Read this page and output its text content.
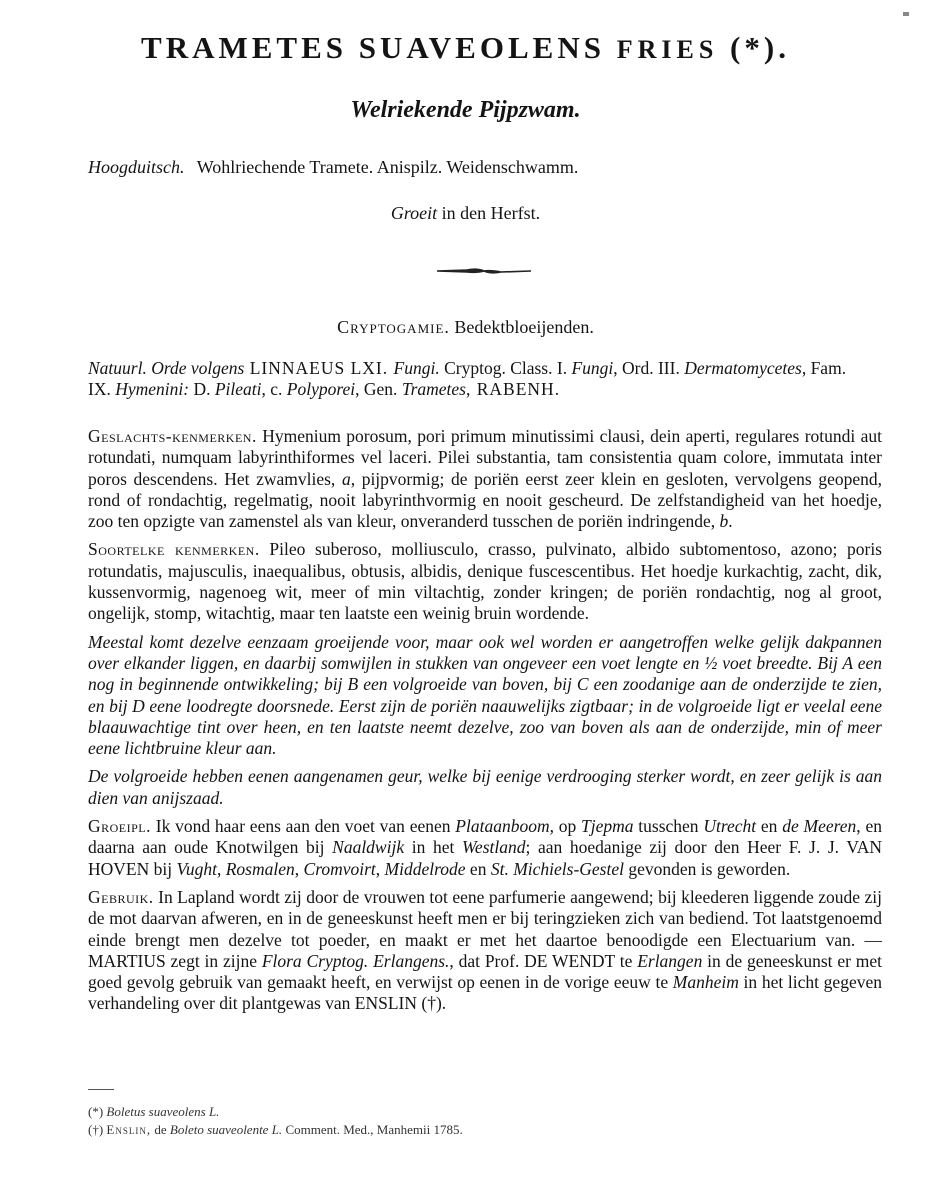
TRAMETES SUAVEOLENS FRIES (*).
Welriekende Pijpzwam.
Hoogduitsch. Wohlriechende Tramete. Anispilz. Weidenschwamm.
Groeit in den Herfst.
Cryptogamie. Bedektbloeijenden.
Natuurl. Orde volgens LINNAEUS LXI. Fungi. Cryptog. Class. I. Fungi, Ord. III. Dermatomycetes, Fam. IX. Hymenini: D. Pileati, c. Polyporei, Gen. Trametes, RABENH.

Geslachts-kenmerken. Hymenium porosum, pori primum minutissimi clausi, dein aperti, regulares rotundi aut rotundati, numquam labyrinthiformes vel laceri. Pilei substantia, tam consistentia quam colore, immutata inter poros descendens. Het zwamvlies, a, pijpvormig; de poriën eerst zeer klein en gesloten, vervolgens geopend, rond of rondachtig, regelmatig, nooit labyrinthvormig en nooit gescheurd. De zelfstandigheid van het hoedje, zoo ten opzigte van zamenstel als van kleur, onveranderd tusschen de poriën indringende, b.

Soortelke kenmerken. Pileo suberoso, molliusculo, crasso, pulvinato, albido subtomentoso, azono; poris rotundatis, majusculis, inaequalibus, obtusis, albidis, denique fuscescentibus. Het hoedje kurkachtig, zacht, dik, kussenvormig, nagenoeg wit, meer of min viltachtig, zonder kringen; de poriën rondachtig, nog al groot, ongelijk, stomp, witachtig, maar ten laatste een weinig bruin wordende.

Meestal komt dezelve eenzaam groeijende voor, maar ook wel worden er aangetroffen welke gelijk dakpannen over elkander liggen, en daarbij somwijlen in stukken van ongeveer een voet lengte en ½ voet breedte. Bij A een nog in beginnende ontwikkeling; bij B een volgroeide van boven, bij C een zoodanige aan de onderzijde te zien, en bij D eene loodregte doorsnede. Eerst zijn de poriën naauwelijks zigtbaar; in de volgroeide ligt er veelal eene blaauwachtige tint over heen, en ten laatste neemt dezelve, zoo van boven als aan de onderzijde, min of meer eene lichtbruine kleur aan.

De volgroeide hebben eenen aangenamen geur, welke bij eenige verdrooging sterker wordt, en zeer gelijk is aan dien van anijszaad.

Groeipl. Ik vond haar eens aan den voet van eenen Plataanboom, op Tjepma tusschen Utrecht en de Meeren, en daarna aan oude Knotwilgen bij Naaldwijk in het Westland; aan hoedanige zij door den Heer F. J. J. VAN HOVEN bij Vught, Rosmalen, Cromvoirt, Middelrode en St. Michiels-Gestel gevonden is geworden.

Gebruik. In Lapland wordt zij door de vrouwen tot eene parfumerie aangewend; bij kleederen liggende zoude zij de mot daarvan afweren, en in de geneeskunst heeft men er bij teringzieken zich van bediend. Tot laatstgenoemd einde brengt men dezelve tot poeder, en maakt er met het daartoe benoodigde een Electuarium van. — MARTIUS zegt in zijne Flora Cryptog. Erlangens., dat Prof. DE WENDT te Erlangen in de geneeskunst er met goed gevolg gebruik van gemaakt heeft, en verwijst op eenen in de vorige eeuw te Manheim in het licht gegeven verhandeling over dit plantgewas van ENSLIN (†).

(*) Boletus suaveolens L.
(†) Enslin, de Boleto suaveolente L. Comment. Med., Manhemii 1785.
